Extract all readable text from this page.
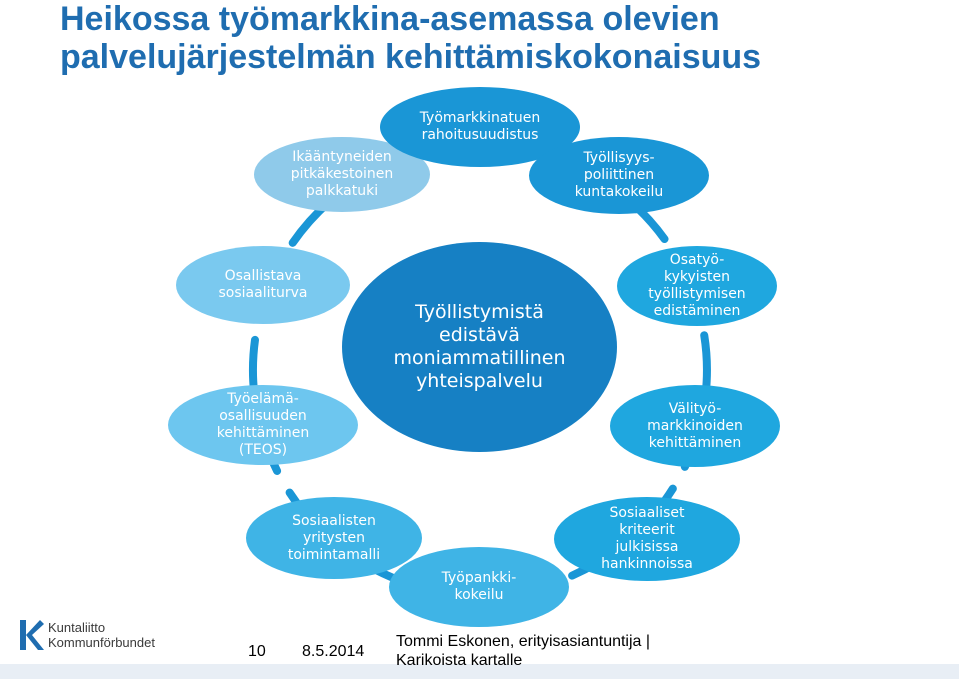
Heikossa työmarkkina-asemassa olevien
palvelujärjestelmän kehittämiskokonaisuus
Ikääntyneiden
pitkäkestoinen
palkkatuki
Työmarkkinatuen
rahoitusuudistus
Työllisyys-
poliittinen
kuntakokeilu
Osallistava
sosiaaliturva
Osatyö-
kykyisten
työllistymisen
edistäminen
Työelämä-
osallisuuden
kehittäminen
(TEOS)
Välityö-
markkinoiden
kehittäminen
Sosiaalisten
yritysten
toimintamalli
Työpankki-
kokeilu
Sosiaaliset
kriteerit
julkisissa
hankinnoissa
Työllistymistä
edistävä
moniammatillinen
yhteispalvelu
Kuntaliitto
Kommunförbundet
10 8.5.2014
Tommi Eskonen, erityisasiantuntija |
Karikoista kartalle
